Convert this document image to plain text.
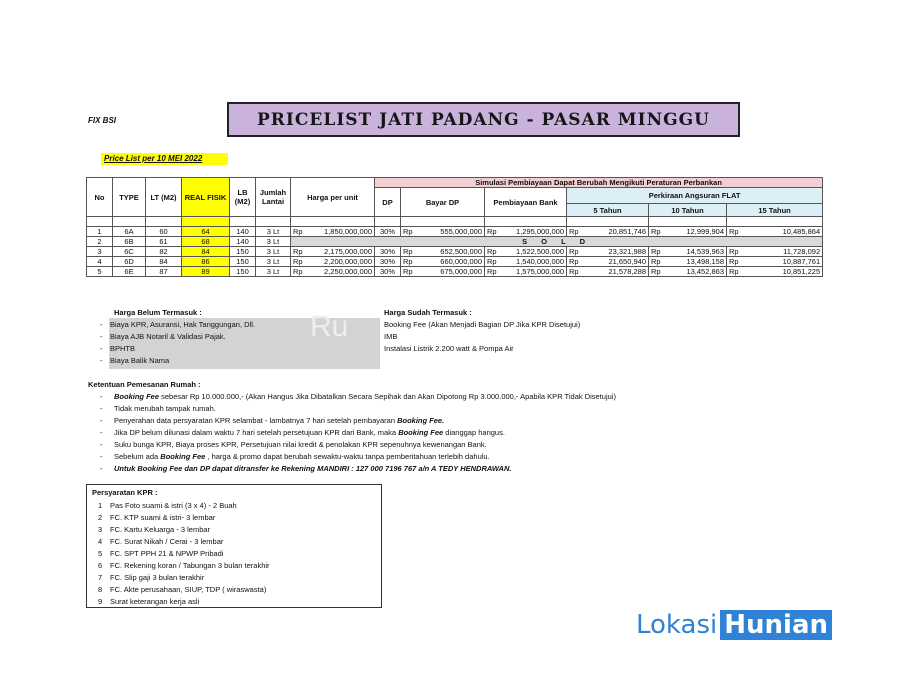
FIX BSI	PRICELIST JATI PADANG - PASAR MINGGU
Price List per 10 MEI 2022
No	TYPE	LT (M2)	REAL FISIK	LB (M2)	Jumlah Lantai	Harga per unit		Simulasi Pembiayaan Dapat Berubah Mengikuti Peraturan Perbankan										
								DP	Bayar DP		Pembiayaan Bank		Perkiraan Angsuran FLAT					
													5 Tahun		10 Tahun		15 Tahun	

1	6A	60	64	140	3 Lt	Rp	1,850,000,000	30%	Rp	555,000,000	Rp	1,295,000,000	Rp	20,851,746	Rp	12,999,904	Rp	10,485,864
2	6B	61	68	140	3 Lt	S O L D												
3	6C	82	84	150	3 Lt	Rp	2,175,000,000	30%	Rp	652,500,000	Rp	1,522,500,000	Rp	23,321,988	Rp	14,539,963	Rp	11,728,092
4	6D	84	86	150	3 Lt	Rp	2,200,000,000	30%	Rp	660,000,000	Rp	1,540,000,000	Rp	21,650,940	Rp	13,498,158	Rp	10,887,761
5	6E	87	89	150	3 Lt	Rp	2,250,000,000	30%	Rp	675,000,000	Rp	1,575,000,000	Rp	21,578,288	Rp	13,452,863	Rp	10,851,225
Ru
Harga Belum Termasuk :
- Biaya KPR, Asuransi, Hak Tanggungan, Dll.
- Biaya AJB Notaril & Validasi Pajak.
- BPHTB
- Biaya Balik Nama
Harga Sudah Termasuk :
Booking Fee (Akan Menjadi Bagian DP Jika KPR Disetujui)
IMB
Instalasi Listrik 2.200 watt & Pompa Air
Ketentuan Pemesanan Rumah :
- Booking Fee sebesar Rp 10.000.000,- (Akan Hangus Jika Dibatalkan Secara Sepihak dan Akan Dipotong Rp 3.000.000,- Apabila KPR Tidak Disetujui)
- Tidak merubah tampak rumah.
- Penyerahan data persyaratan KPR selambat - lambatnya 7 hari setelah pembayaran Booking Fee.
- Jika DP belum dilunasi dalam waktu 7 hari setelah persetujuan KPR dari Bank, maka Booking Fee dianggap hangus.
- Suku bunga KPR, Biaya proses KPR, Persetujuan nilai kredit & penolakan KPR sepenuhnya kewenangan Bank.
- Sebelum ada Booking Fee , harga & promo dapat berubah sewaktu-waktu tanpa pemberitahuan terlebih dahulu.
- Untuk Booking Fee dan DP dapat ditransfer ke Rekening MANDIRI : 127 000 7196 767 a/n A TEDY HENDRAWAN.
Persyaratan KPR :
1 Pas Foto suami & istri (3 x 4) - 2 Buah
2 FC. KTP suami & istri- 3 lembar
3 FC. Kartu Keluarga - 3 lembar
4 FC. Surat Nikah / Cerai - 3 lembar
5 FC. SPT PPH 21 & NPWP Pribadi
6 FC. Rekening koran / Tabungan 3 bulan terakhir
7 FC. Slip gaji 3 bulan terakhir
8 FC. Akte perusahaan, SIUP, TDP ( wiraswasta)
9 Surat keterangan kerja asli
Lokasi Hunian
